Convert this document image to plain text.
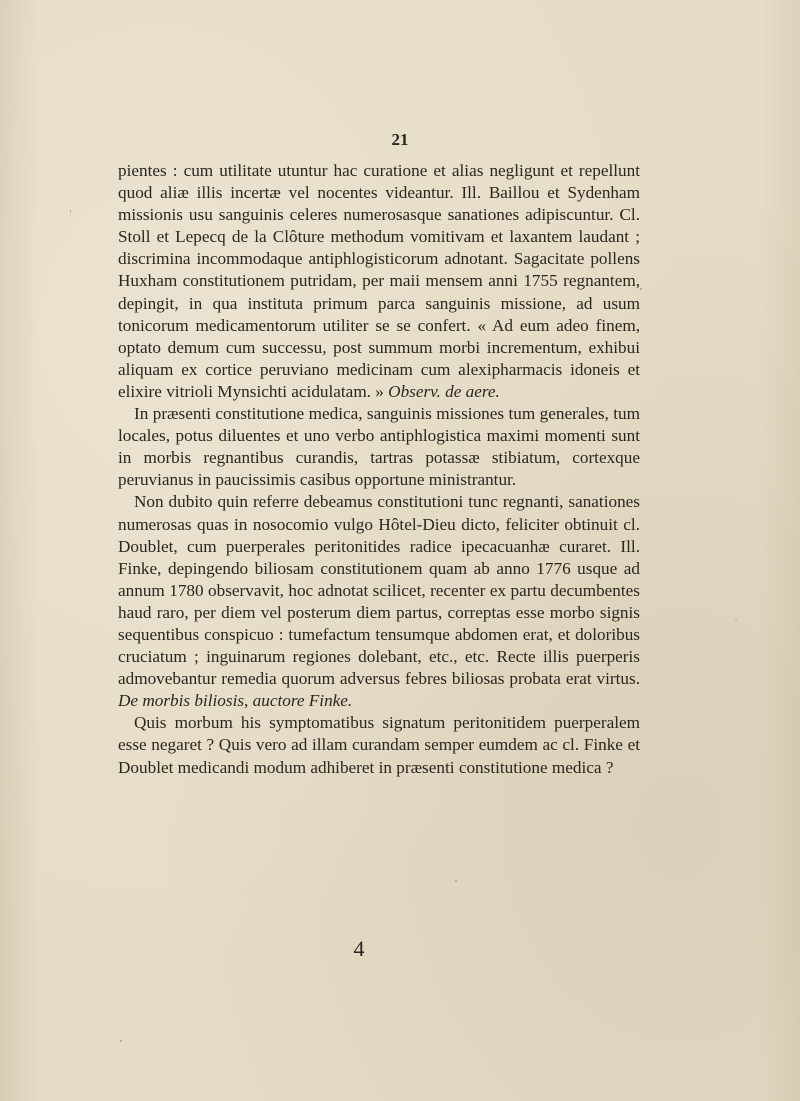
21

pientes : cum utilitate utuntur hac curatione et alias negligunt et repellunt quod aliæ illis incertæ vel nocentes videantur. Ill. Baillou et Sydenham missionis usu sanguinis celeres numerosasque sanationes adipiscuntur. Cl. Stoll et Lepecq de la Clôture methodum vomitivam et laxantem laudant ; discrimina incommodaque antiphlogisticorum adnotant. Sagacitate pollens Huxham constitutionem putridam, per maii mensem anni 1755 regnantem, depingit, in qua instituta primum parca sanguinis missione, ad usum tonicorum medicamentorum utiliter se se confert. « Ad eum adeo finem, optato demum cum successu, post summum morbi incrementum, exhibui aliquam ex cortice peruviano medicinam cum alexipharmacis idoneis et elixire vitrioli Mynsichti acidulatam. » Observ. de aere.

In præsenti constitutione medica, sanguinis missiones tum generales, tum locales, potus diluentes et uno verbo antiphlogistica maximi momenti sunt in morbis regnantibus curandis, tartras potassæ stibiatum, cortexque peruvianus in paucissimis casibus opportune ministrantur.

Non dubito quin referre debeamus constitutioni tunc regnanti, sanationes numerosas quas in nosocomio vulgo Hôtel-Dieu dicto, feliciter obtinuit cl. Doublet, cum puerperales peritonitides radice ipecacuanhæ curaret. Ill. Finke, depingendo biliosam constitutionem quam ab anno 1776 usque ad annum 1780 observavit, hoc adnotat scilicet, recenter ex partu decumbentes haud raro, per diem vel posterum diem partus, correptas esse morbo signis sequentibus conspicuo : tumefactum tensumque abdomen erat, et doloribus cruciatum ; inguinarum regiones dolebant, etc., etc. Recte illis puerperis admovebantur remedia quorum adversus febres biliosas probata erat virtus. De morbis biliosis, auctore Finke.

Quis morbum his symptomatibus signatum peritonitidem puerperalem esse negaret ? Quis vero ad illam curandam semper eumdem ac cl. Finke et Doublet medicandi modum adhiberet in præsenti constitutione medica ?

4
